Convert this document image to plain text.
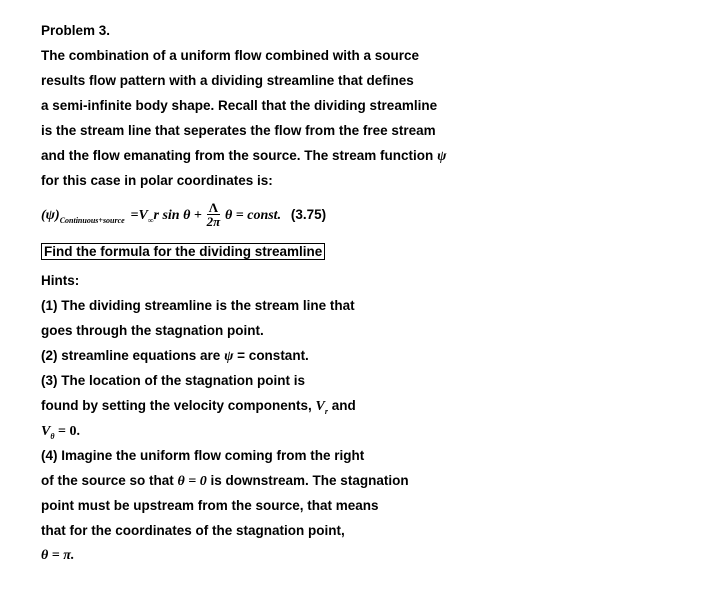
Problem 3.
The combination of a uniform flow combined with a source
results flow pattern with a dividing streamline that defines
a semi-infinite body shape. Recall that the dividing streamline
is the stream line that seperates the flow from the free stream
and the flow emanating from the source. The stream function ψ
for this case in polar coordinates is:
$(\psi)_{Continuous+source} =V_\infty r$ $\sin \theta + \frac{\Lambda}{2\pi}$ θ = const. (3.75)
Find the formula for the dividing streamline
Hints:
(1) The dividing streamline is the stream line that
goes through the stagnation point.
(2) streamline equations are ψ = constant.
(3) The location of the stagnation point is
found by setting the velocity components, $V_r$ and
$V_\theta = 0$.
(4) Imagine the uniform flow coming from the right
of the source so that θ = 0 is downstream. The stagnation
point must be upstream from the source, that means
that for the coordinates of the stagnation point,
θ = π.
